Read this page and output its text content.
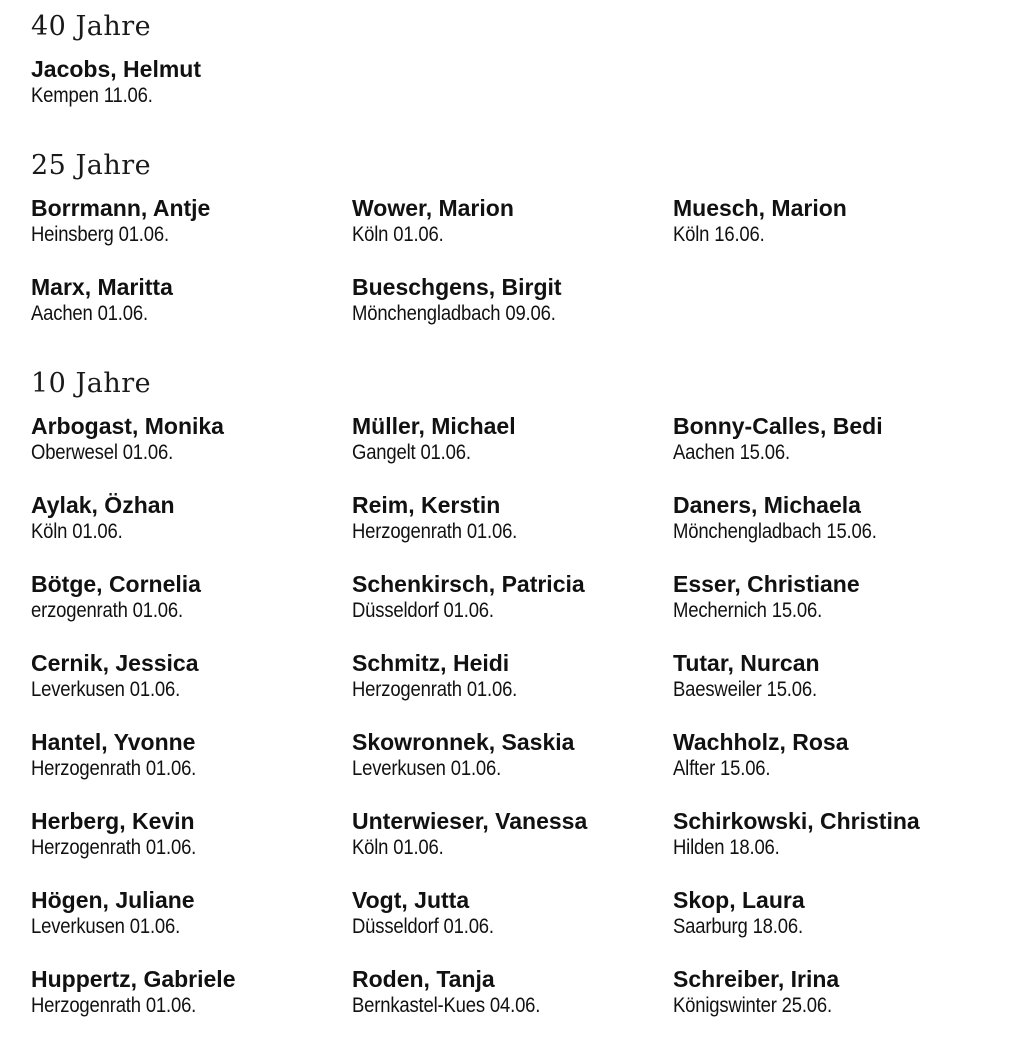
40 Jahre
Jacobs, Helmut
Kempen 11.06.
25 Jahre
Borrmann, Antje
Heinsberg 01.06.
Marx, Maritta
Aachen 01.06.
Wower, Marion
Köln 01.06.
Bueschgens, Birgit
Mönchengladbach 09.06.
Muesch, Marion
Köln 16.06.
10 Jahre
Arbogast, Monika
Oberwesel 01.06.
Aylak, Özhan
Köln 01.06.
Bötge, Cornelia
erzogenrath 01.06.
Cernik, Jessica
Leverkusen 01.06.
Hantel, Yvonne
Herzogenrath 01.06.
Herberg, Kevin
Herzogenrath 01.06.
Högen, Juliane
Leverkusen 01.06.
Huppertz, Gabriele
Herzogenrath 01.06.
Müller, Michael
Gangelt 01.06.
Reim, Kerstin
Herzogenrath 01.06.
Schenkirsch, Patricia
Düsseldorf 01.06.
Schmitz, Heidi
Herzogenrath 01.06.
Skowronnek, Saskia
Leverkusen 01.06.
Unterwieser, Vanessa
Köln 01.06.
Vogt, Jutta
Düsseldorf 01.06.
Roden, Tanja
Bernkastel-Kues 04.06.
Bonny-Calles, Bedi
Aachen 15.06.
Daners, Michaela
Mönchengladbach 15.06.
Esser, Christiane
Mechernich 15.06.
Tutar, Nurcan
Baesweiler 15.06.
Wachholz, Rosa
Alfter 15.06.
Schirkowski, Christina
Hilden 18.06.
Skop, Laura
Saarburg 18.06.
Schreiber, Irina
Königswinter 25.06.
